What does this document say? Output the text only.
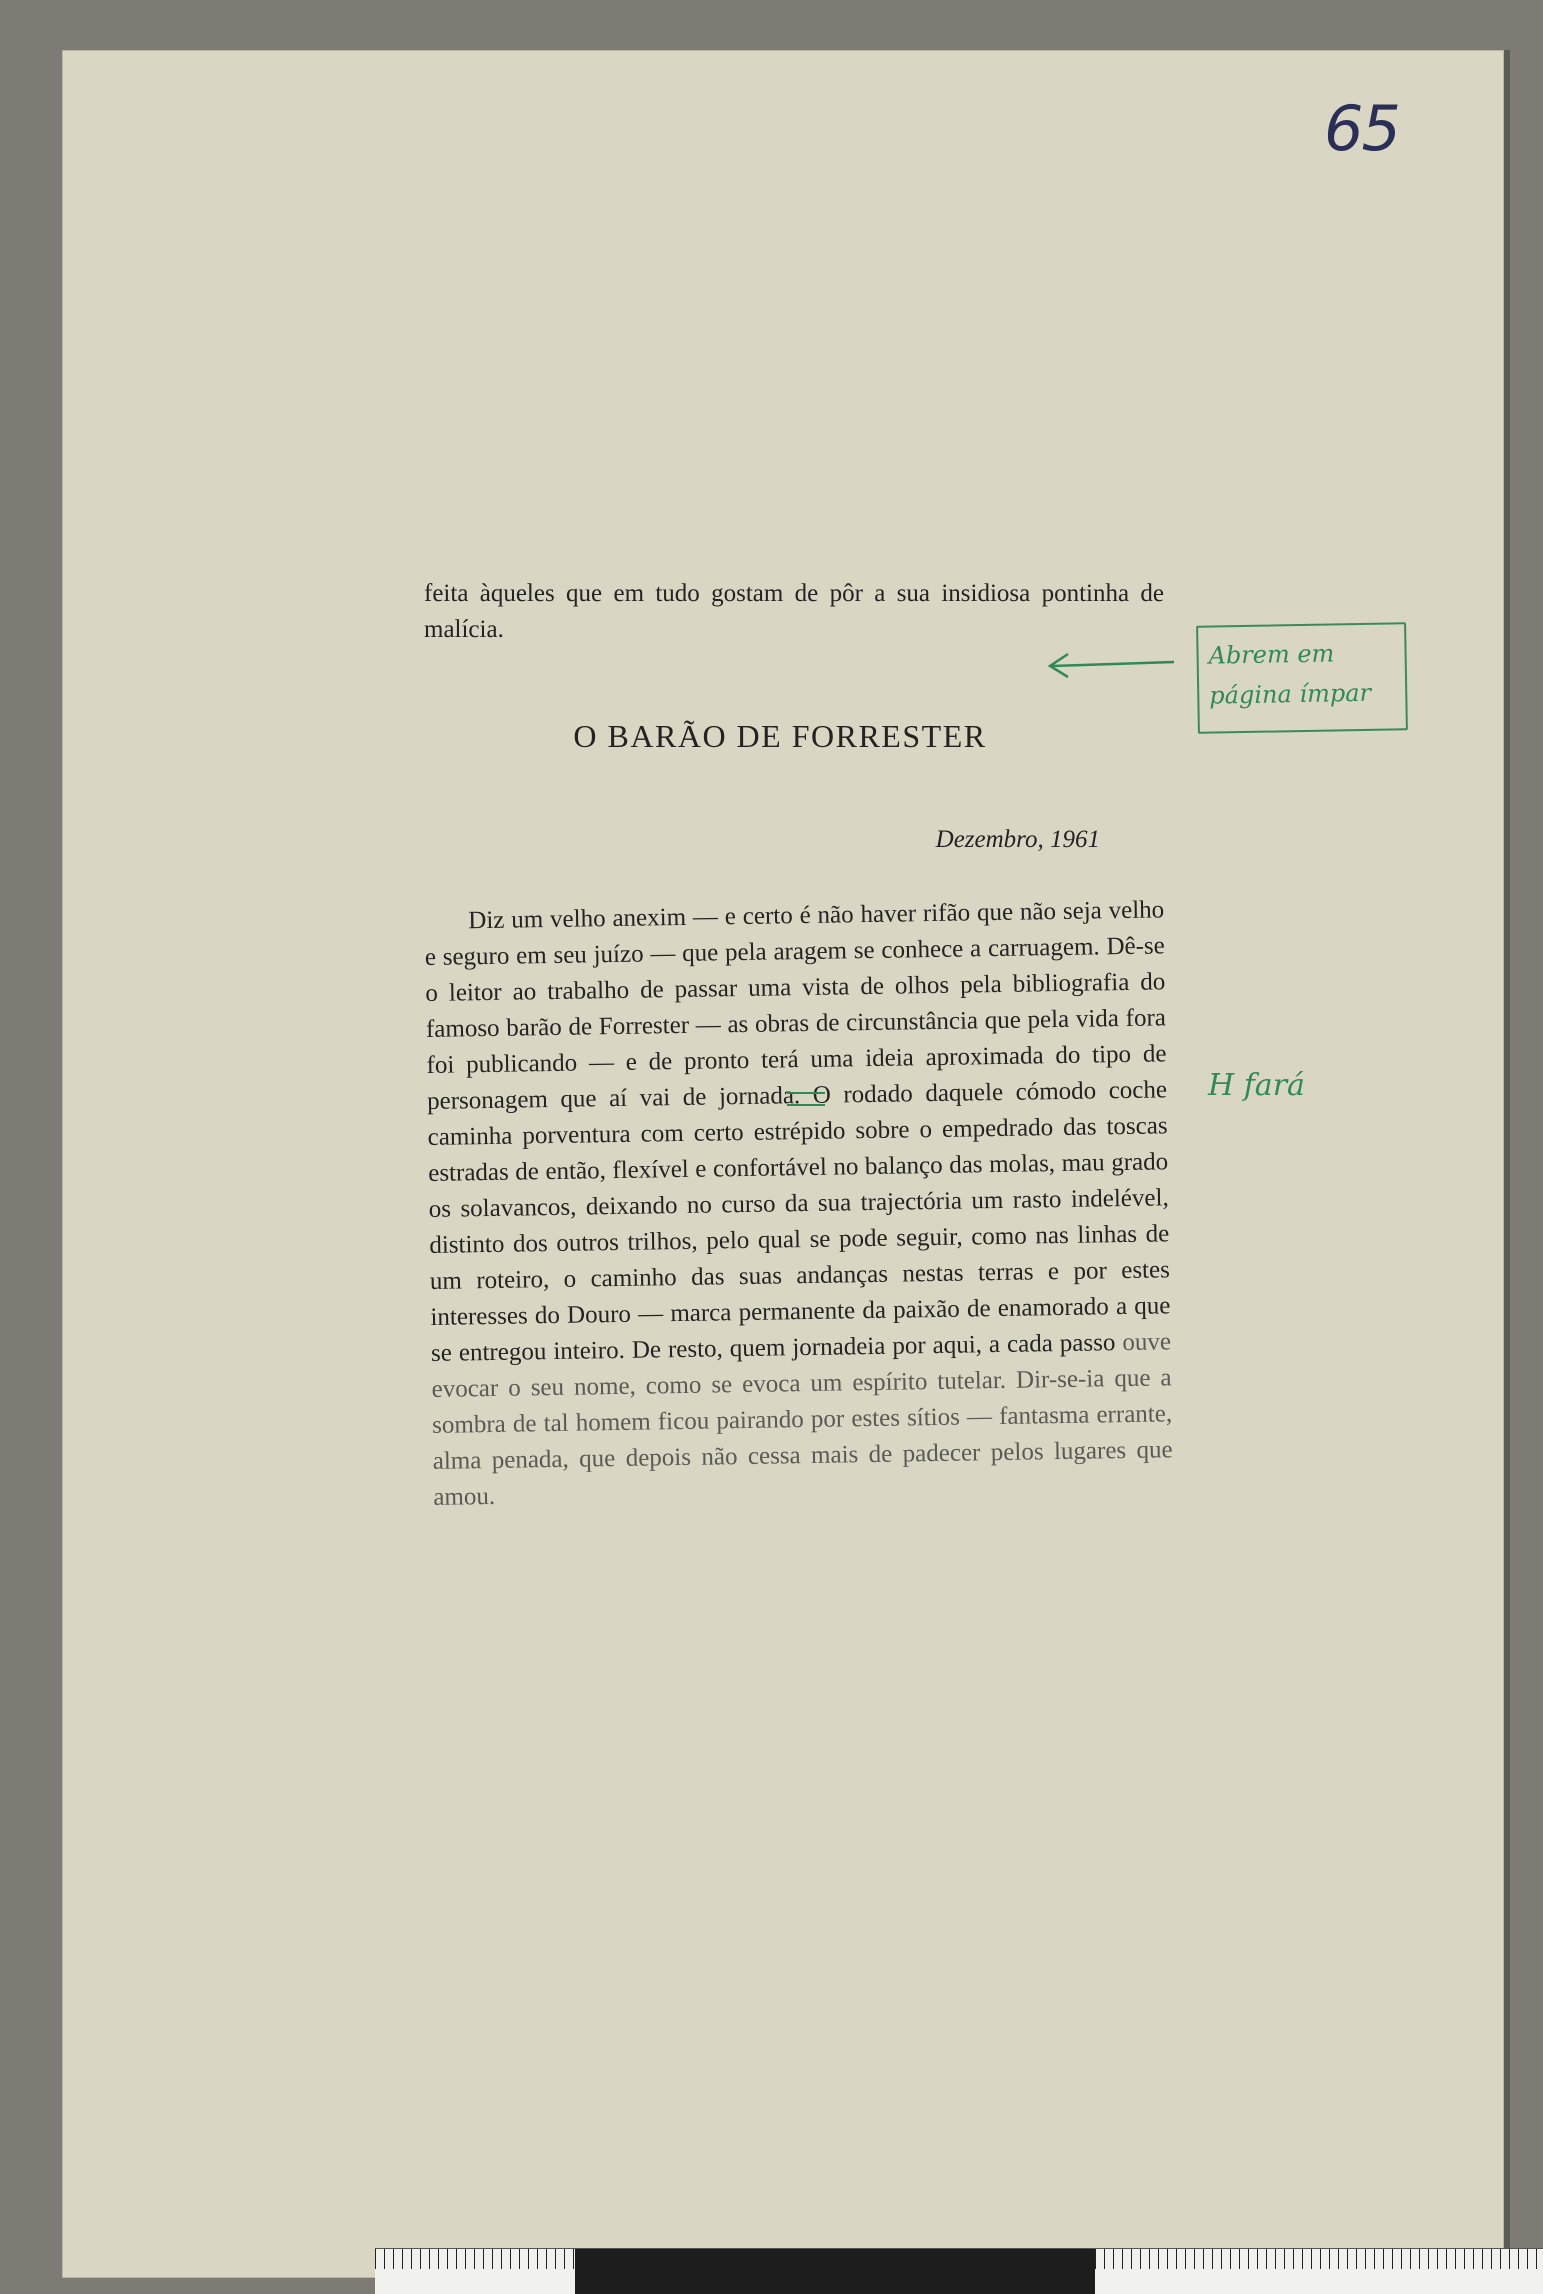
65

feita àqueles que em tudo gostam de pôr a sua insidiosa pontinha de malícia.

Abrem em página ímpar
O BARÃO DE FORRESTER
Dezembro, 1961

Diz um velho anexim — e certo é não haver rifão que não seja velho e seguro em seu juízo — que pela aragem se conhece a carruagem. Dê-se o leitor ao trabalho de passar uma vista de olhos pela bibliografia do famoso barão de Forrester — as obras de circunstância que pela vida fora foi publicando — e de pronto terá uma ideia aproximada do tipo de personagem que aí vai de jornada. O rodado daquele cómodo coche caminha porventura com certo estrépido sobre o empedrado das toscas estradas de então, flexível e confortável no balanço das molas, mau grado os solavancos, deixando no curso da sua trajectória um rasto indelével, distinto dos outros trilhos, pelo qual se pode seguir, como nas linhas de um roteiro, o caminho das suas andanças nestas terras e por estes interesses do Douro — marca permanente da paixão de enamorado a que se entregou inteiro. De resto, quem jornadeia por aqui, a cada passo ouve evocar o seu nome, como se evoca um espírito tutelar. Dir-se-ia que a sombra de tal homem ficou pairando por estes sítios — fantasma errante, alma penada, que depois não cessa mais de padecer pelos lugares que amou.

H fará
